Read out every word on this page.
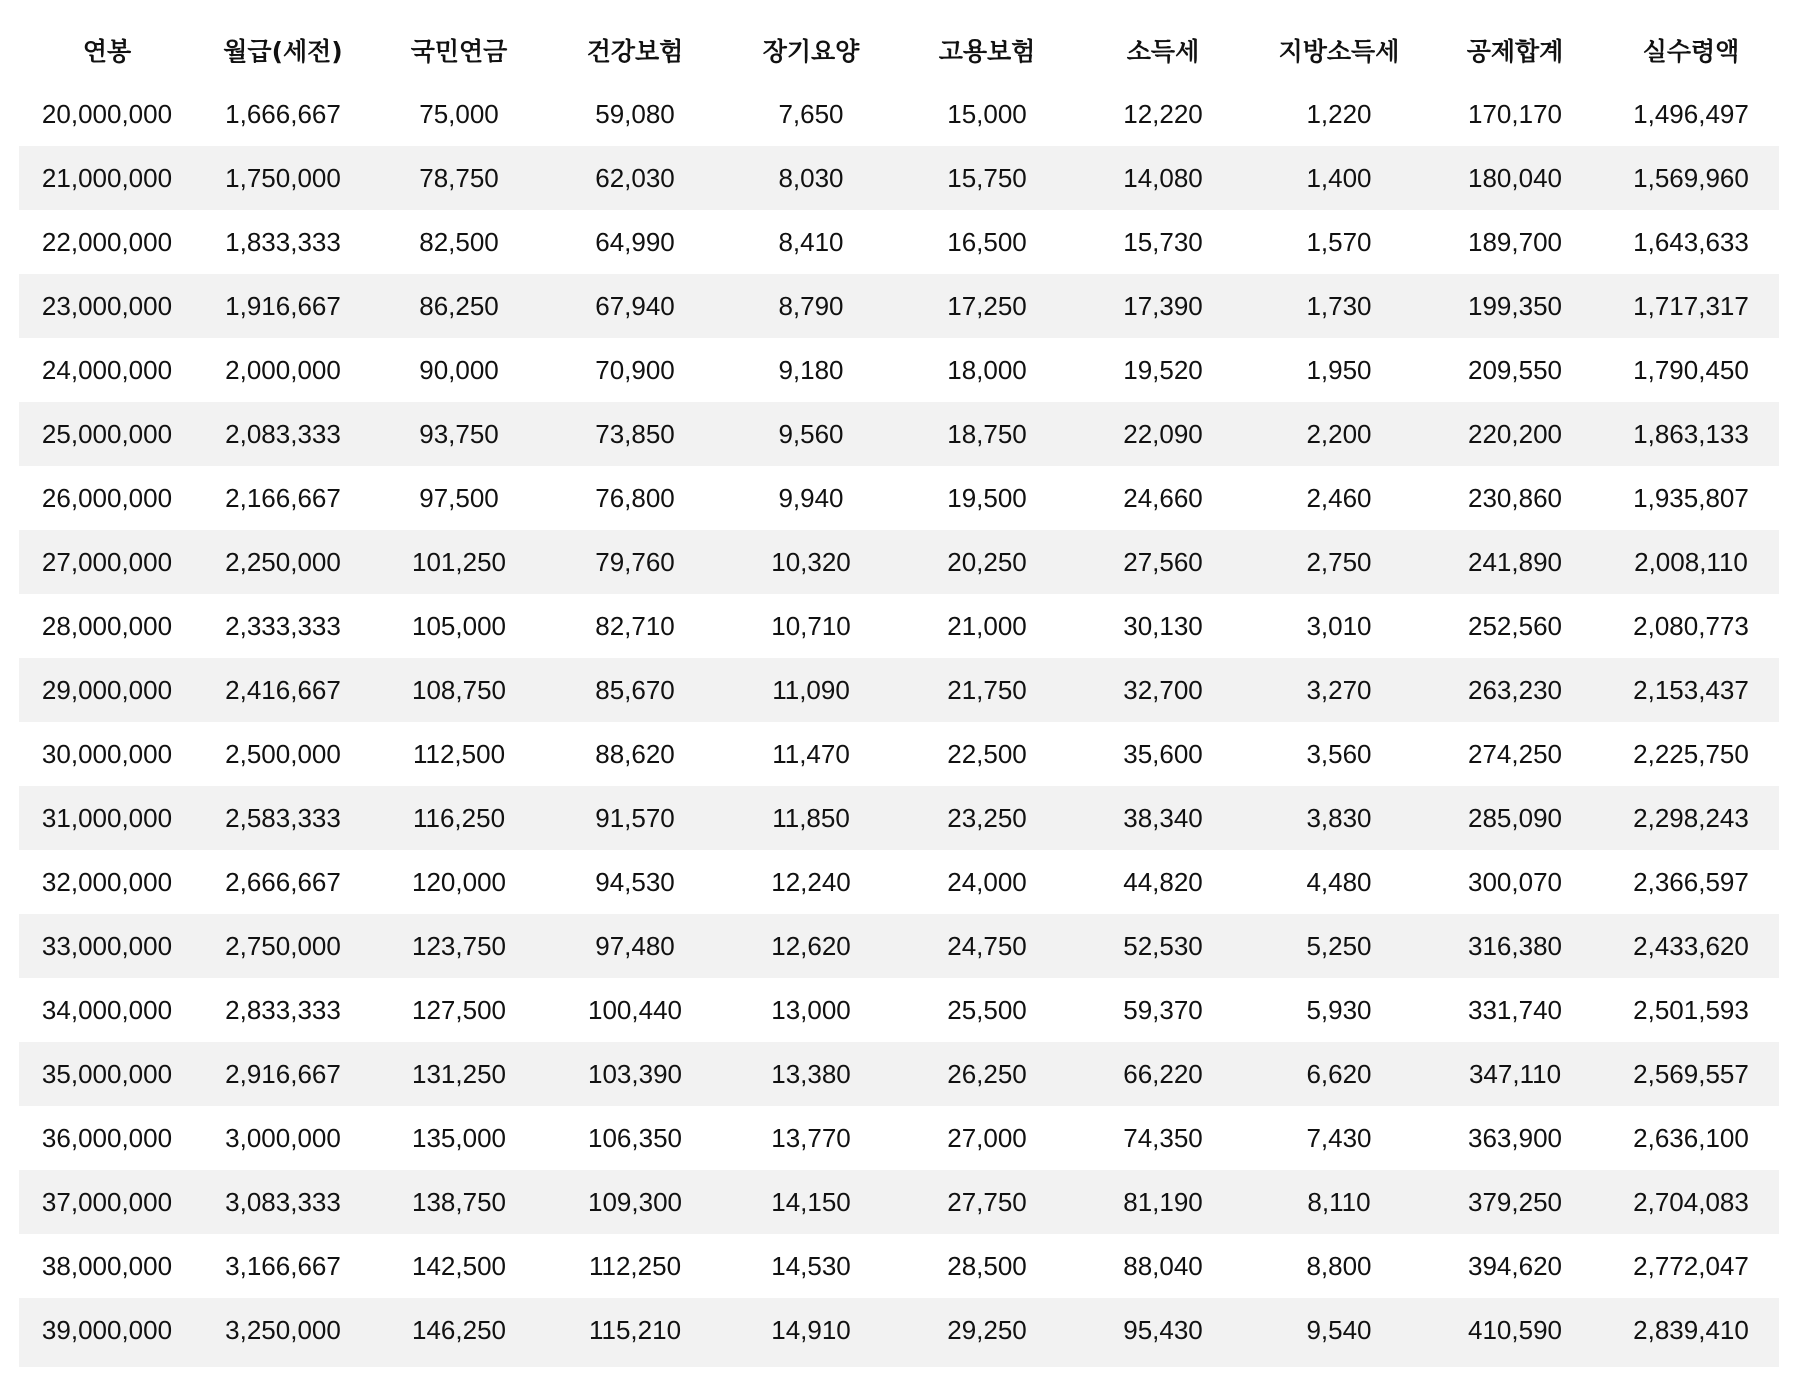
연봉	월급(세전)	국민연금	건강보험	장기요양	고용보험	소득세	지방소득세	공제합계	실수령액
20,000,000	1,666,667	75,000	59,080	7,650	15,000	12,220	1,220	170,170	1,496,497
21,000,000	1,750,000	78,750	62,030	8,030	15,750	14,080	1,400	180,040	1,569,960
22,000,000	1,833,333	82,500	64,990	8,410	16,500	15,730	1,570	189,700	1,643,633
23,000,000	1,916,667	86,250	67,940	8,790	17,250	17,390	1,730	199,350	1,717,317
24,000,000	2,000,000	90,000	70,900	9,180	18,000	19,520	1,950	209,550	1,790,450
25,000,000	2,083,333	93,750	73,850	9,560	18,750	22,090	2,200	220,200	1,863,133
26,000,000	2,166,667	97,500	76,800	9,940	19,500	24,660	2,460	230,860	1,935,807
27,000,000	2,250,000	101,250	79,760	10,320	20,250	27,560	2,750	241,890	2,008,110
28,000,000	2,333,333	105,000	82,710	10,710	21,000	30,130	3,010	252,560	2,080,773
29,000,000	2,416,667	108,750	85,670	11,090	21,750	32,700	3,270	263,230	2,153,437
30,000,000	2,500,000	112,500	88,620	11,470	22,500	35,600	3,560	274,250	2,225,750
31,000,000	2,583,333	116,250	91,570	11,850	23,250	38,340	3,830	285,090	2,298,243
32,000,000	2,666,667	120,000	94,530	12,240	24,000	44,820	4,480	300,070	2,366,597
33,000,000	2,750,000	123,750	97,480	12,620	24,750	52,530	5,250	316,380	2,433,620
34,000,000	2,833,333	127,500	100,440	13,000	25,500	59,370	5,930	331,740	2,501,593
35,000,000	2,916,667	131,250	103,390	13,380	26,250	66,220	6,620	347,110	2,569,557
36,000,000	3,000,000	135,000	106,350	13,770	27,000	74,350	7,430	363,900	2,636,100
37,000,000	3,083,333	138,750	109,300	14,150	27,750	81,190	8,110	379,250	2,704,083
38,000,000	3,166,667	142,500	112,250	14,530	28,500	88,040	8,800	394,620	2,772,047
39,000,000	3,250,000	146,250	115,210	14,910	29,250	95,430	9,540	410,590	2,839,410
